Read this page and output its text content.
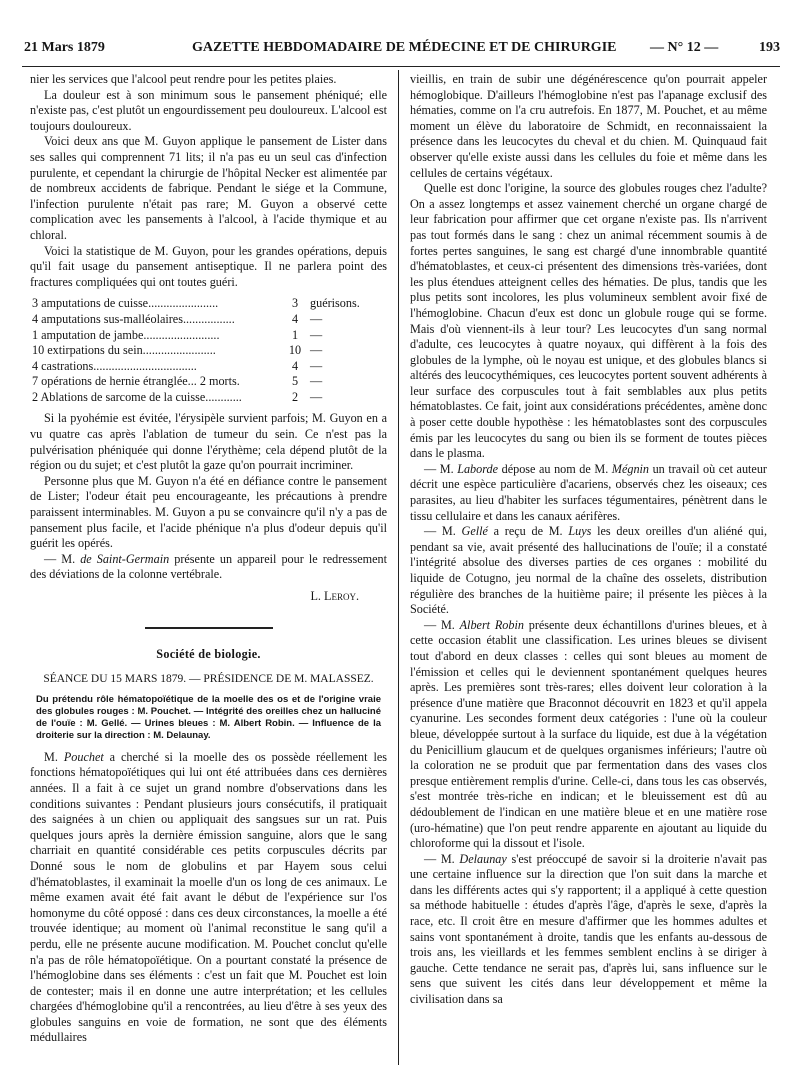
21 Mars 1879	GAZETTE HEBDOMADAIRE DE MÉDECINE ET DE CHIRURGIE — N° 12 —	193

nier les services que l'alcool peut rendre pour les petites plaies.

La douleur est à son minimum sous le pansement phéniqué; elle n'existe pas, c'est plutôt un engourdissement peu douloureux. L'alcool est toujours douloureux.

Voici deux ans que M. Guyon applique le pansement de Lister dans ses salles qui comprennent 71 lits; il n'a pas eu un seul cas d'infection purulente, et cependant la chirurgie de l'hôpital Necker est alimentée par de nombreux accidents de fabrique. Pendant le siége et la Commune, l'infection purulente n'était pas rare; M. Guyon a observé cette complication avec les pansements à l'alcool, à l'acide thymique et au chloral.

Voici la statistique de M. Guyon, pour les grandes opérations, depuis qu'il fait usage du pansement antiseptique. Il ne parlera point des fractures compliquées qui ont toutes guéri.

3 amputations de cuisse.......................	3 guérisons.
4 amputations sus-malléolaires.................	4 —
1 amputation de jambe.........................	1 —
10 extirpations du sein........................	10 —
4 castrations..................................	4 —
7 opérations de hernie étranglée... 2 morts.	5 —
2 Ablations de sarcome de la cuisse............	2 —

Si la pyohémie est évitée, l'érysipèle survient parfois; M. Guyon en a vu quatre cas après l'ablation de tumeur du sein. Ce n'est pas la pulvérisation phéniquée qui donne l'érythème; cela dépend plutôt de la région ou du sujet; et c'est plutôt la gaze qu'on pourrait incriminer.

Personne plus que M. Guyon n'a été en défiance contre le pansement de Lister; l'odeur était peu encourageante, les précautions à prendre paraissent interminables. M. Guyon a pu se convaincre qu'il n'y a pas de pansement plus facile, et l'acide phénique n'a plus d'odeur depuis qu'il guérit les opérés.

— M. de Saint-Germain présente un appareil pour le redressement des déviations de la colonne vertébrale.

L. Leroy.

Société de biologie.

SÉANCE DU 15 MARS 1879. — PRÉSIDENCE DE M. MALASSEZ.

Du prétendu rôle hématopoïétique de la moelle des os et de l'origine vraie des globules rouges : M. Pouchet. — Intégrité des oreilles chez un halluciné de l'ouïe : M. Gellé. — Urines bleues : M. Albert Robin. — Influence de la droiterie sur la direction : M. Delaunay.

M. Pouchet a cherché si la moelle des os possède réellement les fonctions hématopoïétiques qui lui ont été attribuées dans ces dernières années. Il a fait à ce sujet un grand nombre d'observations dans les conditions suivantes : Pendant plusieurs jours consécutifs, il pratiquait des saignées à un chien ou appliquait des sangsues sur un rat. Puis quelques jours après la dernière émission sanguine, alors que le sang charriait en quantité considérable ces petits corpuscules décrits par Donné sous le nom de globulins et par Hayem sous celui d'hématoblastes, il examinait la moelle d'un os long de ces animaux. Le même examen avait été fait avant le début de l'expérience sur l'os homonyme du côté opposé : dans ces deux circonstances, la moelle a été trouvée identique; au moment où l'animal reconstitue le sang qu'il a perdu, elle ne présente aucune modification. M. Pouchet conclut qu'elle n'a pas de rôle hématopoïétique. On a pourtant constaté la présence de l'hémoglobine dans ses éléments : c'est un fait que M. Pouchet est loin de contester; mais il en donne une autre interprétation; et les cellules chargées d'hémoglobine qu'il a rencontrées, au lieu d'être à ses yeux des globules sanguins en voie de formation, ne sont que des éléments médullaires

vieillis, en train de subir une dégénérescence qu'on pourrait appeler hémoglobique. D'ailleurs l'hémoglobine n'est pas l'apanage exclusif des hématies, comme on l'a cru autrefois. En 1877, M. Pouchet, et au même moment un élève du laboratoire de Schmidt, en reconnaissaient la présence dans les leucocytes du cheval et du chien. M. Quinquaud fait observer qu'elle existe aussi dans les cellules du foie et même dans les cellules de certains végétaux.

Quelle est donc l'origine, la source des globules rouges chez l'adulte? On a assez longtemps et assez vainement cherché un organe chargé de leur fabrication pour affirmer que cet organe n'existe pas. Ils n'arrivent pas tout formés dans le sang : chez un animal récemment soumis à de fortes pertes sanguines, le sang est chargé d'une innombrable quantité d'hématoblastes, et ceux-ci présentent des dimensions très-variées, dont les plus étendues atteignent celles des hématies. De plus, tandis que les plus petits sont incolores, les plus volumineux semblent avoir fixé de l'hémoglobine. Chacun d'eux est donc un globule rouge qui se forme. Mais d'où viennent-ils à leur tour? Les leucocytes d'un sang normal d'adulte, ces leucocytes à quatre noyaux, qui diffèrent à la fois des globules de la lymphe, où le noyau est unique, et des globules blancs si altérés des leucocythémiques, ces leucocytes portent souvent adhérents à leur surface des corpuscules tout à fait semblables aux plus petits hématoblastes. Ce fait, joint aux considérations précédentes, amène donc à poser cette double hypothèse : les hématoblastes sont des corpuscules émis par les leucocytes du sang ou bien ils se forment de toutes pièces dans le plasma.

— M. Laborde dépose au nom de M. Mégnin un travail où cet auteur décrit une espèce particulière d'acariens, observés chez les oiseaux; ces parasites, au lieu d'habiter les surfaces tégumentaires, pénètrent dans le tissu cellulaire et dans les canaux aérifères.

— M. Gellé a reçu de M. Luys les deux oreilles d'un aliéné qui, pendant sa vie, avait présenté des hallucinations de l'ouïe; il a constaté l'intégrité absolue des diverses parties de ces organes : mobilité du liquide de Cotugno, jeu normal de la chaîne des osselets, distribution régulière des branches de la huitième paire; il présente les pièces à la Société.

— M. Albert Robin présente deux échantillons d'urines bleues, et à cette occasion établit une classification. Les urines bleues se divisent tout d'abord en deux classes : celles qui sont bleues au moment de l'émission et celles qui le deviennent spontanément quelques heures après. Les premières sont très-rares; elles doivent leur coloration à la présence d'une matière que Braconnot découvrit en 1823 et qu'il appela cyanurine. Les secondes forment deux catégories : l'une où la couleur bleue, développée surtout à la surface du liquide, est due à la végétation du Penicillium glaucum et de quelques organismes inférieurs; l'autre où la coloration ne se produit que par fermentation dans des vases clos presque entièrement remplis d'urine. Celle-ci, dans tous les cas observés, s'est montrée très-riche en indican; et le bleuissement est dû au dédoublement de l'indican en une matière bleue et en une matière rose (uro-hématine) que l'on peut rendre apparente en ajoutant au liquide du chloroforme qui la dissout et l'isole.

— M. Delaunay s'est préoccupé de savoir si la droiterie n'avait pas une certaine influence sur la direction que l'on suit dans la marche et dans les différents actes qui s'y rapportent; il a appliqué à cette question sa méthode habituelle : études d'après l'âge, d'après le sexe, d'après la race, etc. Il croit être en mesure d'affirmer que les hommes adultes et sains vont spontanément à droite, tandis que les enfants au-dessous de trois ans, les vieillards et les femmes semblent enclins à se diriger à gauche. Cette tendance ne serait pas, d'après lui, sans influence sur le sens que suivent les cités dans leur développement et même la civilisation dans sa
